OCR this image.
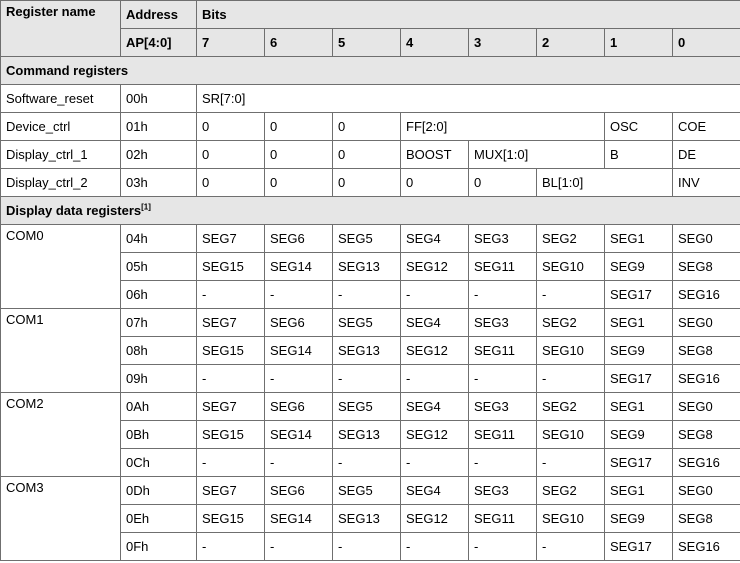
Register name	Address	Bits							
	AP[4:0]	7	6	5	4	3	2	1	0
Command registers									
Software_reset	00h	SR[7:0]							
Device_ctrl	01h	0	0	0	FF[2:0]			OSC	COE
Display_ctrl_1	02h	0	0	0	BOOST	MUX[1:0]		B	DE
Display_ctrl_2	03h	0	0	0	0	0	BL[1:0]		INV
Display data registers[1]
COM0	04h	SEG7	SEG6	SEG5	SEG4	SEG3	SEG2	SEG1	SEG0
	05h	SEG15	SEG14	SEG13	SEG12	SEG11	SEG10	SEG9	SEG8
	06h	-	-	-	-	-	-	SEG17	SEG16
COM1	07h	SEG7	SEG6	SEG5	SEG4	SEG3	SEG2	SEG1	SEG0
	08h	SEG15	SEG14	SEG13	SEG12	SEG11	SEG10	SEG9	SEG8
	09h	-	-	-	-	-	-	SEG17	SEG16
COM2	0Ah	SEG7	SEG6	SEG5	SEG4	SEG3	SEG2	SEG1	SEG0
	0Bh	SEG15	SEG14	SEG13	SEG12	SEG11	SEG10	SEG9	SEG8
	0Ch	-	-	-	-	-	-	SEG17	SEG16
COM3	0Dh	SEG7	SEG6	SEG5	SEG4	SEG3	SEG2	SEG1	SEG0
	0Eh	SEG15	SEG14	SEG13	SEG12	SEG11	SEG10	SEG9	SEG8
	0Fh	-	-	-	-	-	-	SEG17	SEG16
